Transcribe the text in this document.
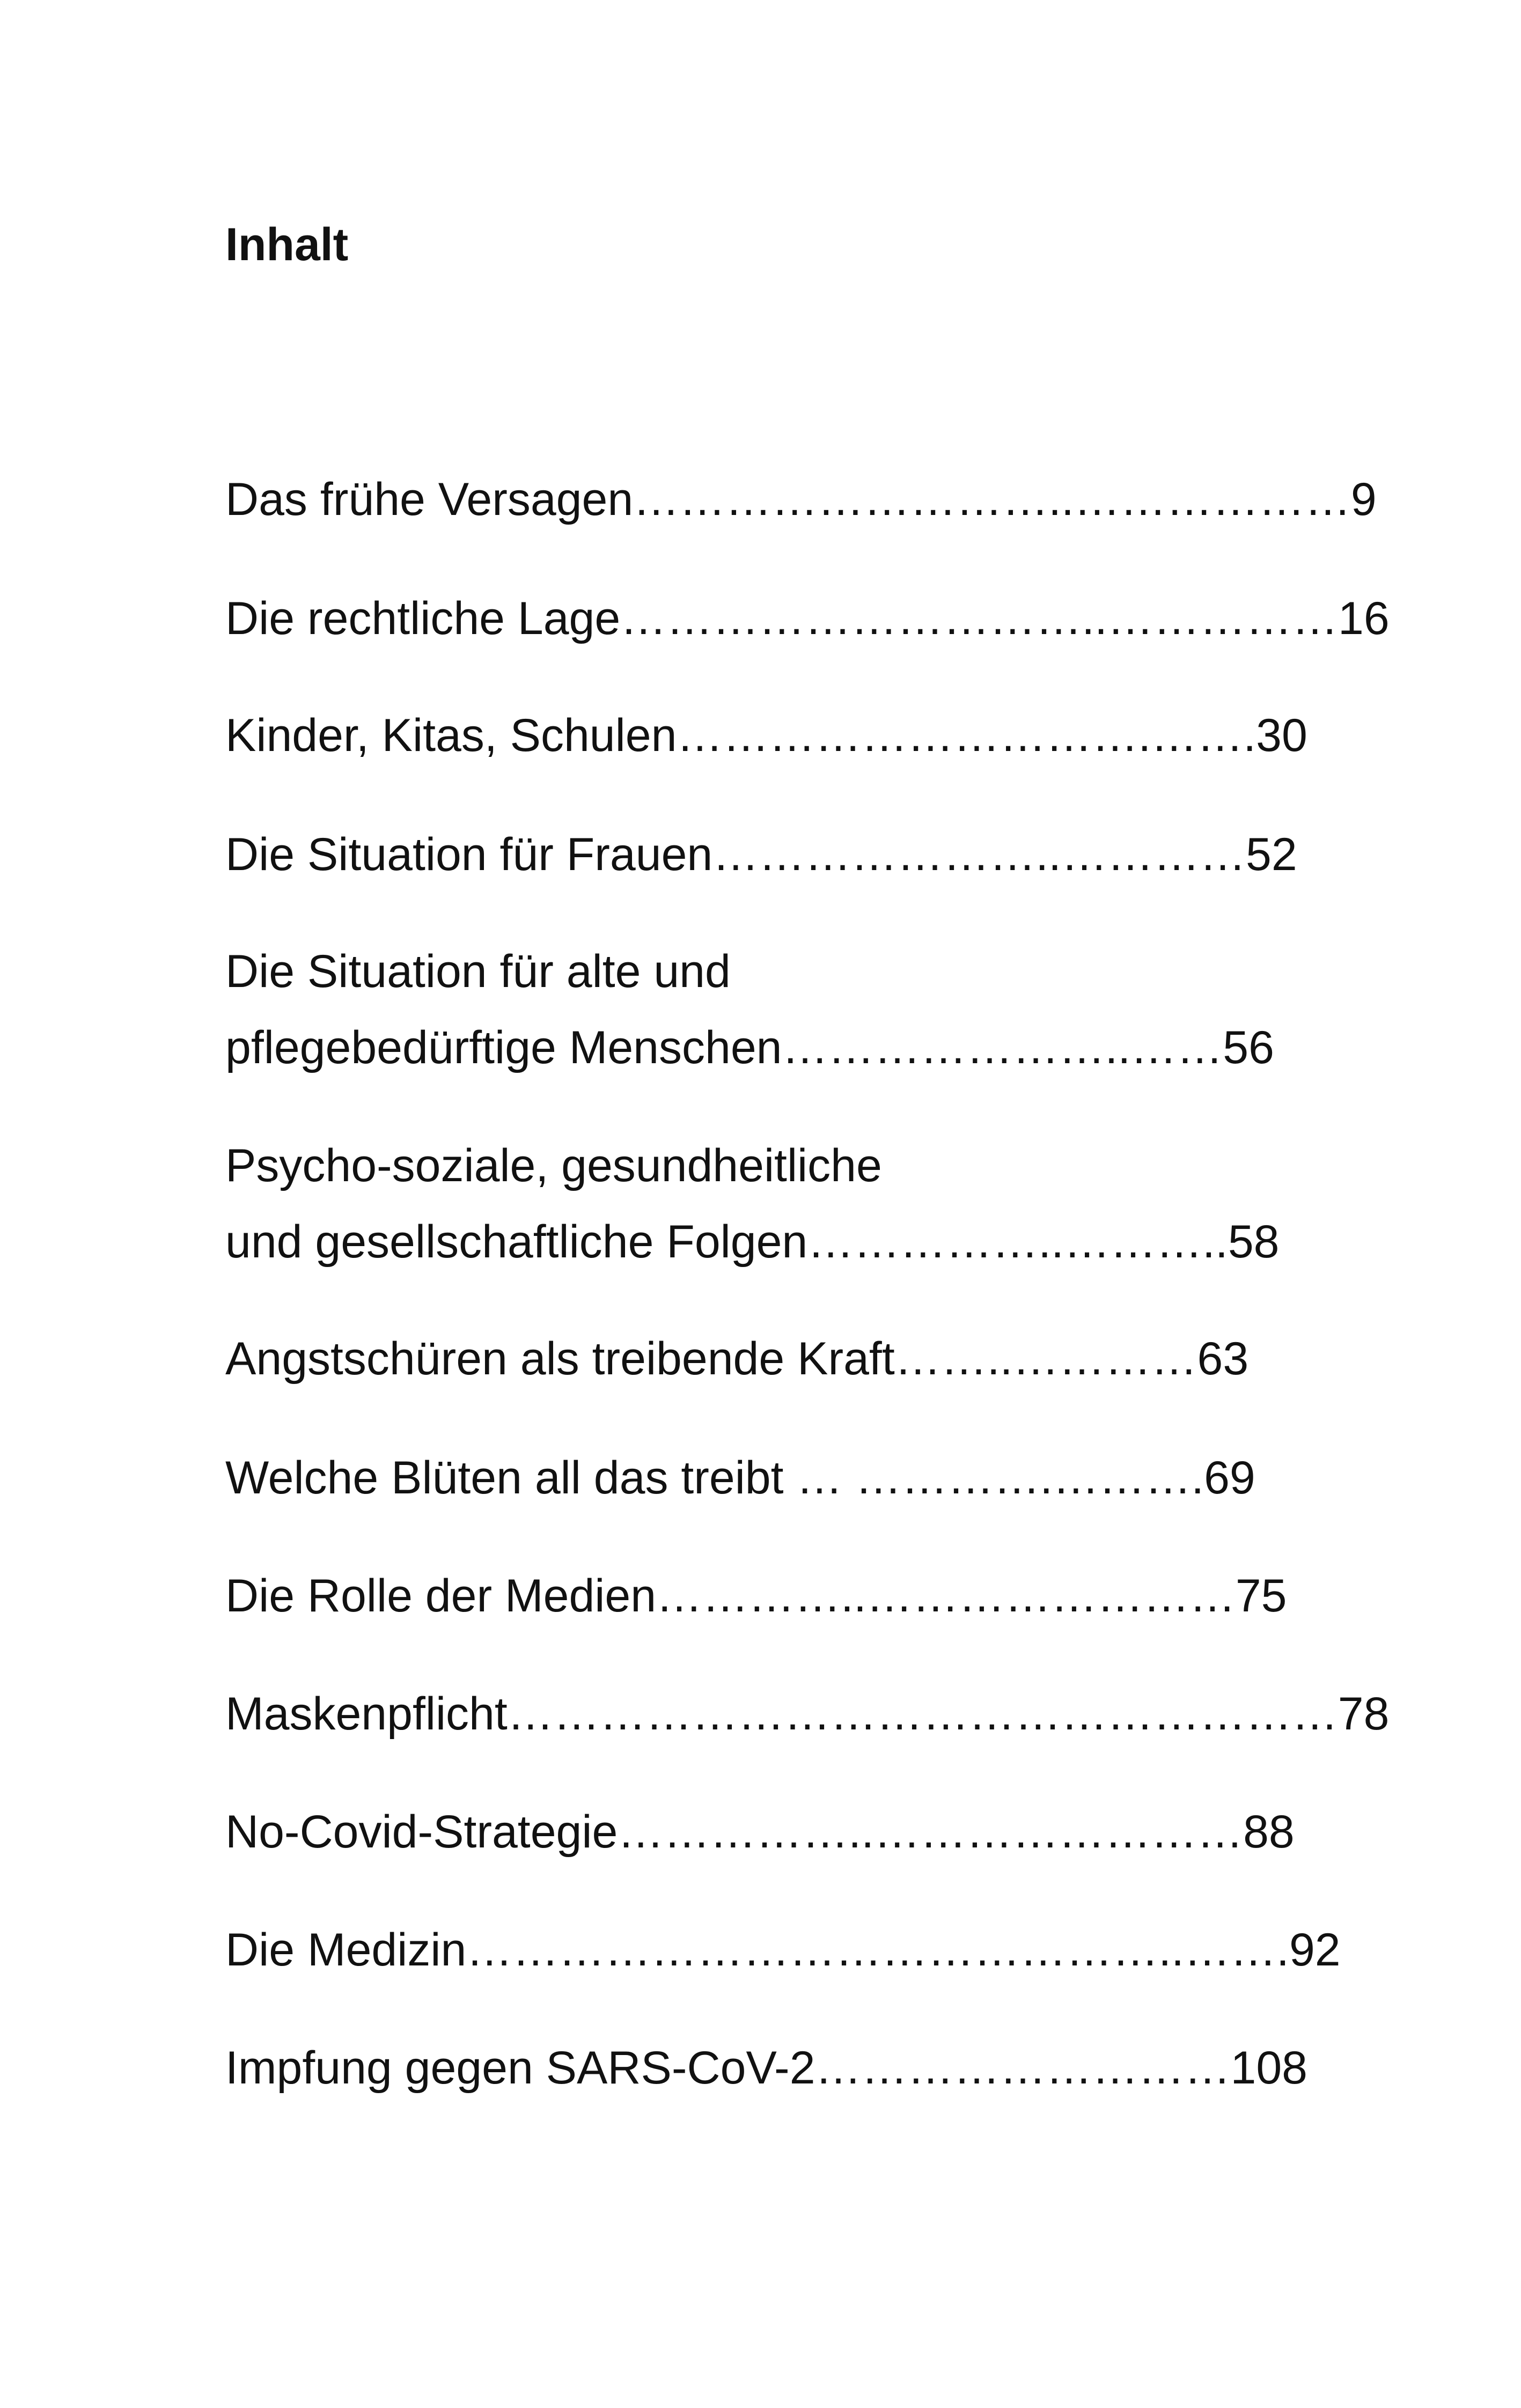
Inhalt
Das frühe Versagen………………………..………………9
Die rechtliche Lage…………………………..……………16
Kinder, Kitas, Schulen………………………….…….30
Die Situation für Frauen…………………..…………52
Die Situation für alte und
pflegebedürftige Menschen…………………..……56
Psycho-soziale, gesundheitliche
und gesellschaftliche Folgen……………..………..58
Angstschüren als treibende Kraft……..…………63
Welche Blüten all das treibt … ………….……….69
Die Rolle der Medien…………..……………………75
Maskenpflicht………………………………………………78
No-Covid-Strategie……………..……………………88
Die Medizin………………………………………..…….92
Impfung gegen SARS-CoV-2………………………108
